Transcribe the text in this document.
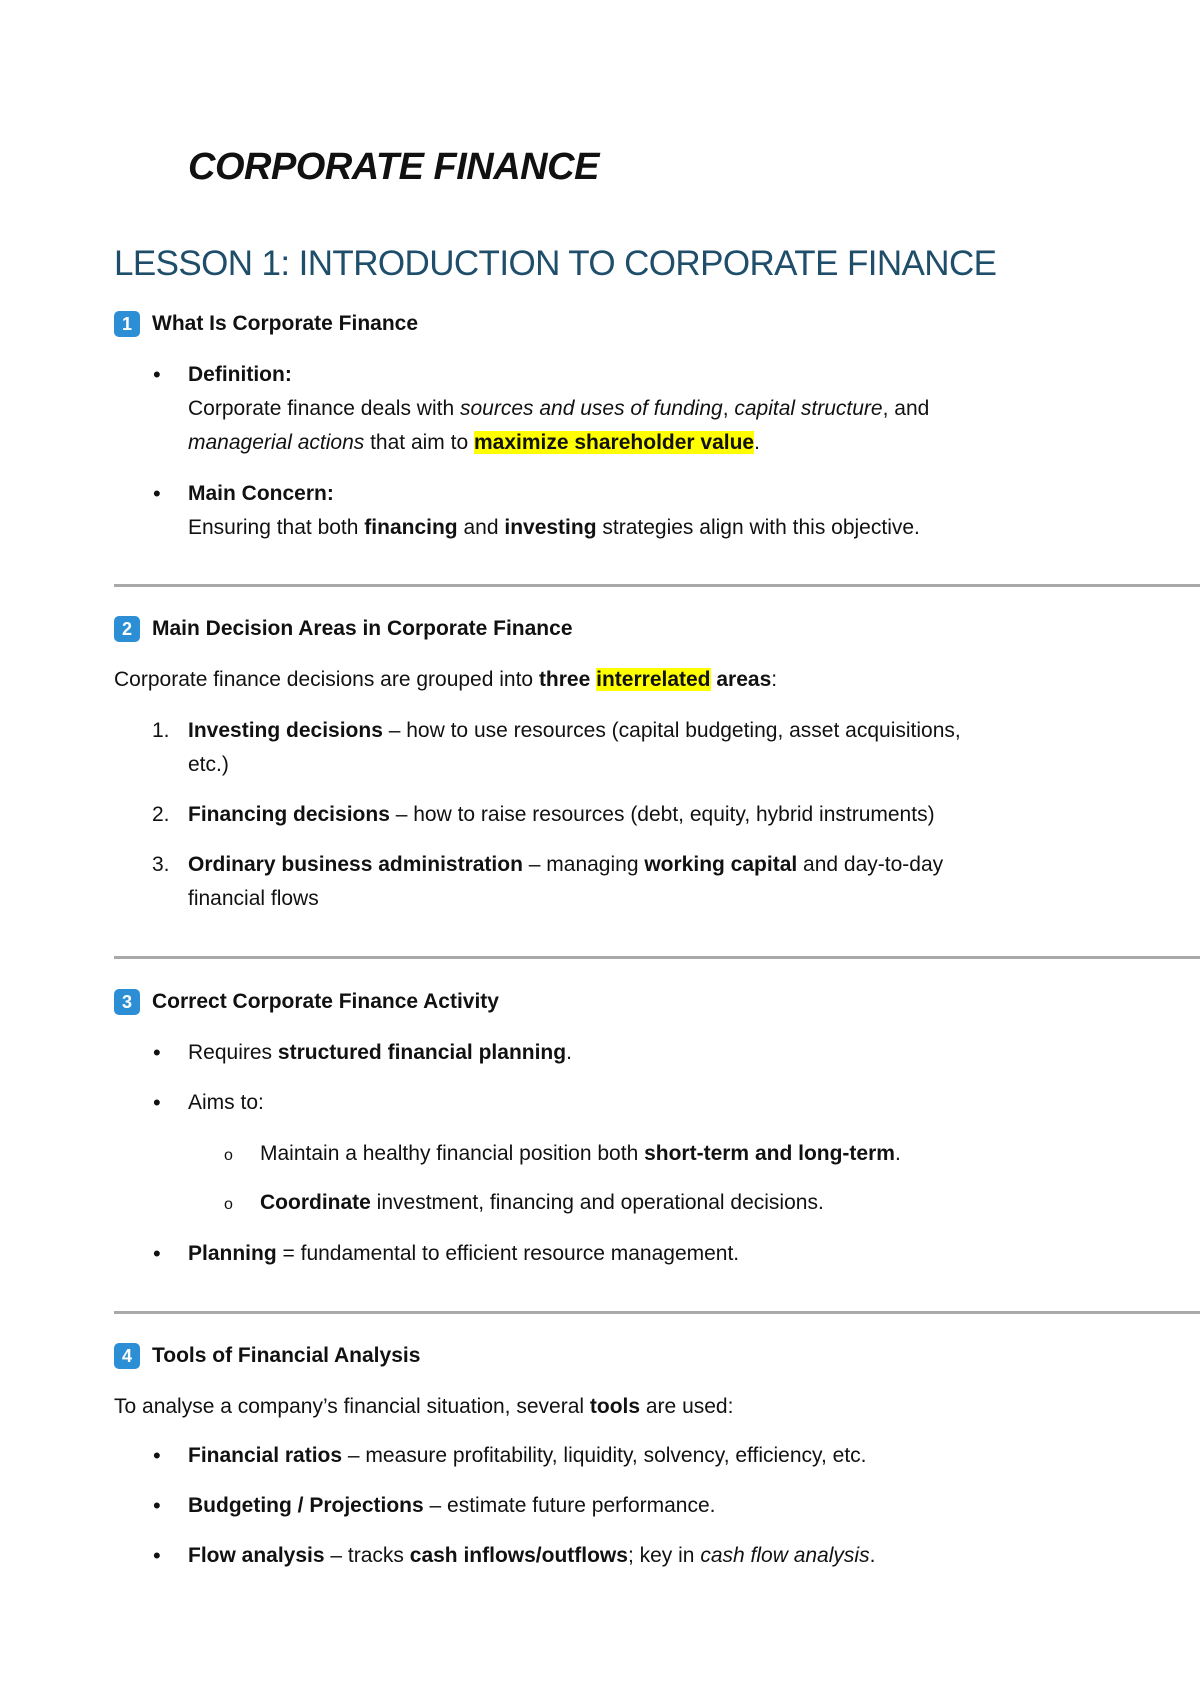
CORPORATE FINANCE
LESSON 1: INTRODUCTION TO CORPORATE FINANCE
1 What Is Corporate Finance
• Definition:
Corporate finance deals with sources and uses of funding, capital structure, and
managerial actions that aim to maximize shareholder value.
• Main Concern:
Ensuring that both financing and investing strategies align with this objective.
2 Main Decision Areas in Corporate Finance
Corporate finance decisions are grouped into three interrelated areas:
1. Investing decisions – how to use resources (capital budgeting, asset acquisitions,
etc.)
2. Financing decisions – how to raise resources (debt, equity, hybrid instruments)
3. Ordinary business administration – managing working capital and day-to-day
financial flows
3 Correct Corporate Finance Activity
• Requires structured financial planning.
• Aims to:
o Maintain a healthy financial position both short-term and long-term.
o Coordinate investment, financing and operational decisions.
• Planning = fundamental to efficient resource management.
4 Tools of Financial Analysis
To analyse a company’s financial situation, several tools are used:
• Financial ratios – measure profitability, liquidity, solvency, efficiency, etc.
• Budgeting / Projections – estimate future performance.
• Flow analysis – tracks cash inflows/outflows; key in cash flow analysis.
